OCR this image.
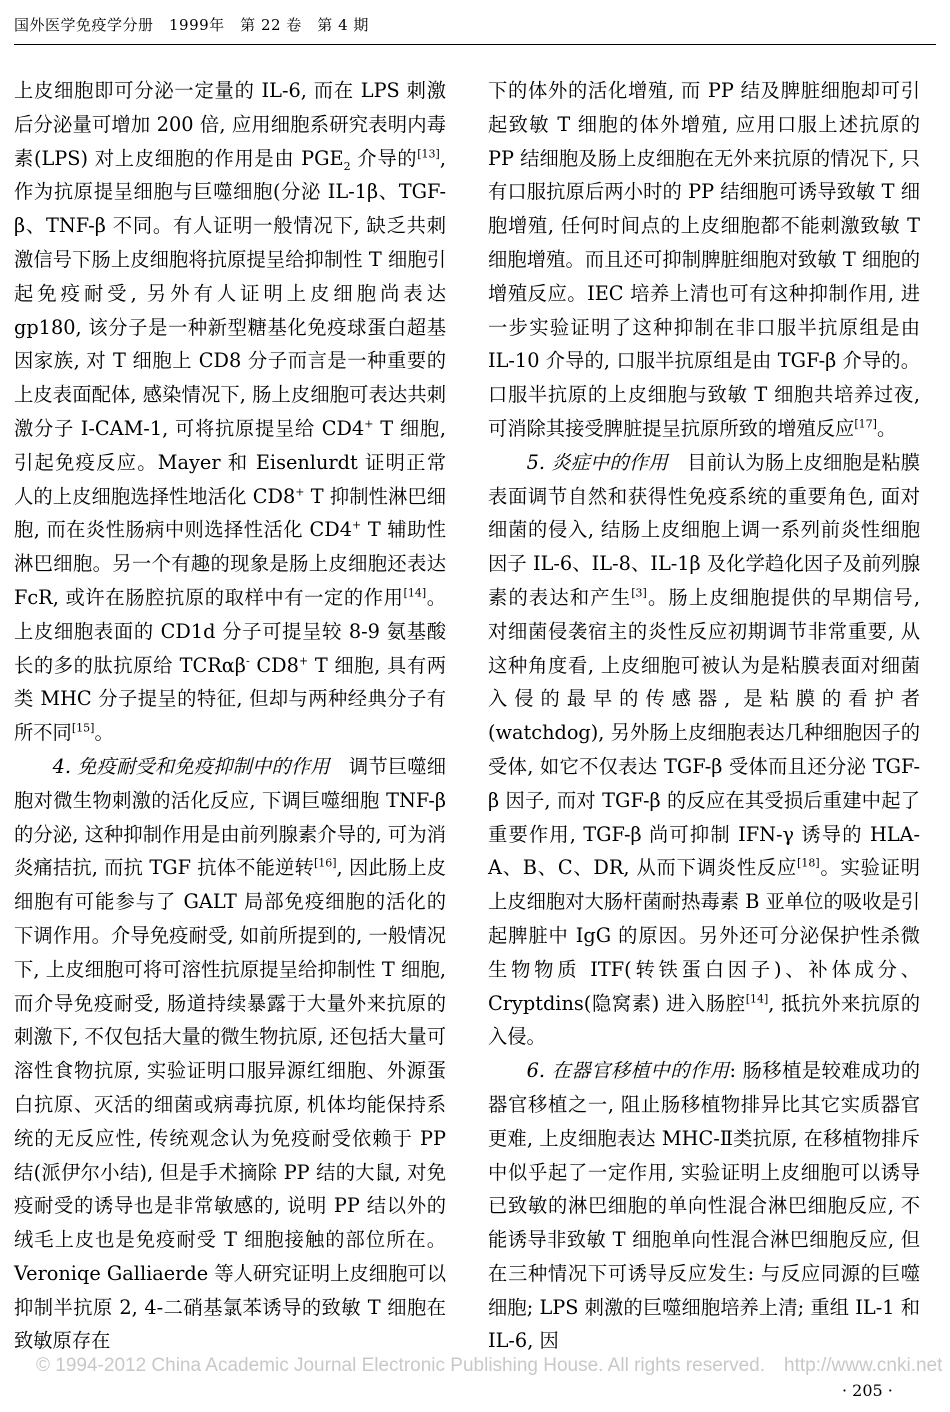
国外医学免疫学分册　1999年　第 22 卷　第 4 期

上皮细胞即可分泌一定量的 IL-6, 而在 LPS 刺激后分泌量可增加 200 倍, 应用细胞系研究表明内毒素(LPS) 对上皮细胞的作用是由 $PGE_2$ 介导的[13], 作为抗原提呈细胞与巨噬细胞(分泌 IL-1β、TGF-β、TNF-β 不同。有人证明一般情况下, 缺乏共刺激信号下肠上皮细胞将抗原提呈给抑制性 T 细胞引起免疫耐受, 另外有人证明上皮细胞尚表达 gp180, 该分子是一种新型糖基化免疫球蛋白超基因家族, 对 T 细胞上 CD8 分子而言是一种重要的上皮表面配体, 感染情况下, 肠上皮细胞可表达共刺激分子 I-CAM-1, 可将抗原提呈给 CD4+ T 细胞, 引起免疫反应。Mayer 和 Eisenlurdt 证明正常人的上皮细胞选择性地活化 CD8+ T 抑制性淋巴细胞, 而在炎性肠病中则选择性活化 CD4+ T 辅助性淋巴细胞。另一个有趣的现象是肠上皮细胞还表达 FcR, 或许在肠腔抗原的取样中有一定的作用[14]。上皮细胞表面的 CD1d 分子可提呈较 8-9 氨基酸长的多的肽抗原给 TCRαβ- CD8+ T 细胞, 具有两类 MHC 分子提呈的特征, 但却与两种经典分子有所不同[15]。

4. 免疫耐受和免疫抑制中的作用　调节巨噬细胞对微生物刺激的活化反应, 下调巨噬细胞 TNF-β 的分泌, 这种抑制作用是由前列腺素介导的, 可为消炎痛拮抗, 而抗 TGF 抗体不能逆转[16], 因此肠上皮细胞有可能参与了 GALT 局部免疫细胞的活化的下调作用。介导免疫耐受, 如前所提到的, 一般情况下, 上皮细胞可将可溶性抗原提呈给抑制性 T 细胞, 而介导免疫耐受, 肠道持续暴露于大量外来抗原的刺激下, 不仅包括大量的微生物抗原, 还包括大量可溶性食物抗原, 实验证明口服异源红细胞、外源蛋白抗原、灭活的细菌或病毒抗原, 机体均能保持系统的无反应性, 传统观念认为免疫耐受依赖于 PP 结(派伊尔小结), 但是手术摘除 PP 结的大鼠, 对免疫耐受的诱导也是非常敏感的, 说明 PP 结以外的绒毛上皮也是免疫耐受 T 细胞接触的部位所在。Veroniqe Galliaerde 等人研究证明上皮细胞可以抑制半抗原 2, 4-二硝基氯苯诱导的致敏 T 细胞在致敏原存在

下的体外的活化增殖, 而 PP 结及脾脏细胞却可引起致敏 T 细胞的体外增殖, 应用口服上述抗原的 PP 结细胞及肠上皮细胞在无外来抗原的情况下, 只有口服抗原后两小时的 PP 结细胞可诱导致敏 T 细胞增殖, 任何时间点的上皮细胞都不能刺激致敏 T 细胞增殖。而且还可抑制脾脏细胞对致敏 T 细胞的增殖反应。IEC 培养上清也可有这种抑制作用, 进一步实验证明了这种抑制在非口服半抗原组是由 IL-10 介导的, 口服半抗原组是由 TGF-β 介导的。口服半抗原的上皮细胞与致敏 T 细胞共培养过夜, 可消除其接受脾脏提呈抗原所致的增殖反应[17]。

5. 炎症中的作用　目前认为肠上皮细胞是粘膜表面调节自然和获得性免疫系统的重要角色, 面对细菌的侵入, 结肠上皮细胞上调一系列前炎性细胞因子 IL-6、IL-8、IL-1β 及化学趋化因子及前列腺素的表达和产生[3]。肠上皮细胞提供的早期信号, 对细菌侵袭宿主的炎性反应初期调节非常重要, 从这种角度看, 上皮细胞可被认为是粘膜表面对细菌入侵的最早的传感器, 是粘膜的看护者(watchdog), 另外肠上皮细胞表达几种细胞因子的受体, 如它不仅表达 TGF-β 受体而且还分泌 TGF-β 因子, 而对 TGF-β 的反应在其受损后重建中起了重要作用, TGF-β 尚可抑制 IFN-γ 诱导的 HLA-A、B、C、DR, 从而下调炎性反应[18]。实验证明上皮细胞对大肠杆菌耐热毒素 B 亚单位的吸收是引起脾脏中 IgG 的原因。另外还可分泌保护性杀微生物物质 ITF(转铁蛋白因子)、补体成分、Cryptdins(隐窝素) 进入肠腔[14], 抵抗外来抗原的入侵。

6. 在器官移植中的作用: 肠移植是较难成功的器官移植之一, 阻止肠移植物排异比其它实质器官更难, 上皮细胞表达 MHC-Ⅱ类抗原, 在移植物排斥中似乎起了一定作用, 实验证明上皮细胞可以诱导已致敏的淋巴细胞的单向性混合淋巴细胞反应, 不能诱导非致敏 T 细胞单向性混合淋巴细胞反应, 但在三种情况下可诱导反应发生: 与反应同源的巨噬细胞; LPS 刺激的巨噬细胞培养上清; 重组 IL-1 和 IL-6, 因

© 1994-2012 China Academic Journal Electronic Publishing House. All rights reserved.　http://www.cnki.net
· 205 ·
